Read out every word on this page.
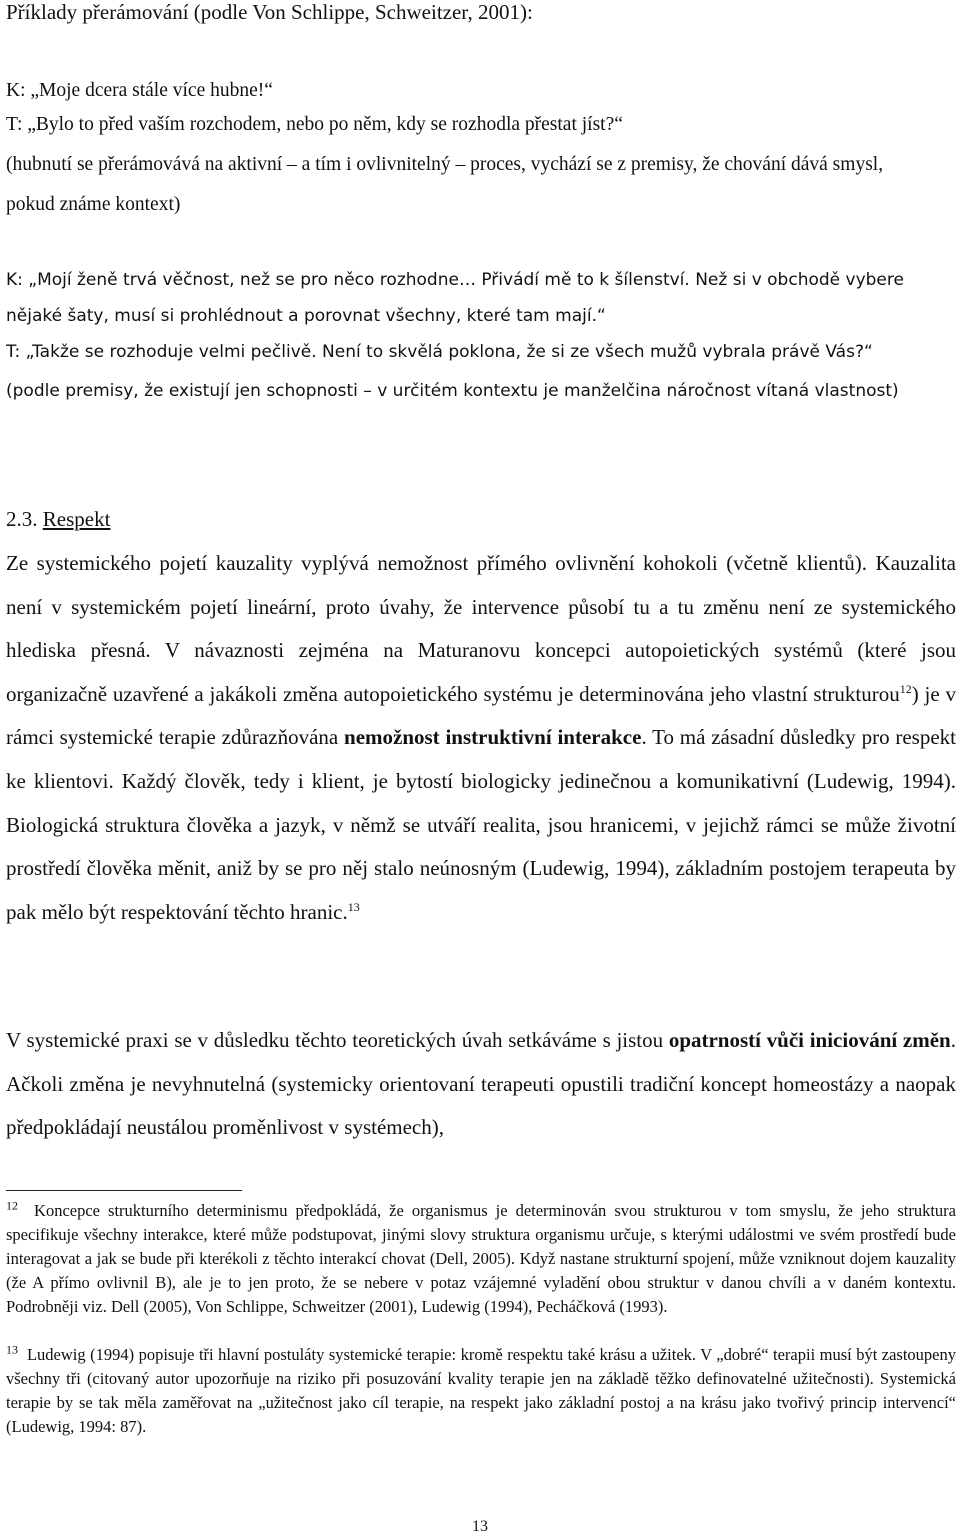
Příklady přerámování (podle Von Schlippe, Schweitzer, 2001):
K: „Moje dcera stále více hubne!“
T: „Bylo to před vaším rozchodem, nebo po něm, kdy se rozhodla přestat jíst?“
(hubnutí se přerámovává na aktivní – a tím i ovlivnitelný – proces, vychází se z premisy, že chování dává smysl,
pokud známe kontext)
K: „Mojí ženě trvá věčnost, než se pro něco rozhodne… Přivádí mě to k šílenství. Než si v obchodě vybere
nějaké šaty, musí si prohlédnout a porovnat všechny, které tam mají.“
T: „Takže se rozhoduje velmi pečlivě. Není to skvělá poklona, že si ze všech mužů vybrala právě Vás?“
(podle premisy, že existují jen schopnosti – v určitém kontextu je manželčina náročnost vítaná vlastnost)
2.3. Respekt
Ze systemického pojetí kauzality vyplývá nemožnost přímého ovlivnění kohokoli (včetně klientů). Kauzalita není v systemickém pojetí lineární, proto úvahy, že intervence působí tu a tu změnu není ze systemického hlediska přesná. V návaznosti zejména na Maturanovu koncepci autopoietických systémů (které jsou organizačně uzavřené a jakákoli změna autopoietického systému je determinována jeho vlastní strukturou$^{12}$) je v rámci systemické terapie zdůrazňována nemožnost instruktivní interakce. To má zásadní důsledky pro respekt ke klientovi. Každý člověk, tedy i klient, je bytostí biologicky jedinečnou a komunikativní (Ludewig, 1994). Biologická struktura člověka a jazyk, v němž se utváří realita, jsou hranicemi, v jejichž rámci se může životní prostředí člověka měnit, aniž by se pro něj stalo neúnosným (Ludewig, 1994), základním postojem terapeuta by pak mělo být respektování těchto hranic.$^{13}$
V systemické praxi se v důsledku těchto teoretických úvah setkáváme s jistou opatrností vůči iniciování změn. Ačkoli změna je nevyhnutelná (systemicky orientovaní terapeuti opustili tradiční koncept homeostázy a naopak předpokládají neustálou proměnlivost v systémech),
$^{12}$ Koncepce strukturního determinismu předpokládá, že organismus je determinován svou strukturou v tom smyslu, že jeho struktura specifikuje všechny interakce, které může podstupovat, jinými slovy struktura organismu určuje, s kterými událostmi ve svém prostředí bude interagovat a jak se bude při kterékoli z těchto interakcí chovat (Dell, 2005). Když nastane strukturní spojení, může vzniknout dojem kauzality (že A přímo ovlivnil B), ale je to jen proto, že se nebere v potaz vzájemné vyladění obou struktur v danou chvíli a v daném kontextu. Podrobněji viz. Dell (2005), Von Schlippe, Schweitzer (2001), Ludewig (1994), Pecháčková (1993).
$^{13}$ Ludewig (1994) popisuje tři hlavní postuláty systemické terapie: kromě respektu také krásu a užitek. V „dobré“ terapii musí být zastoupeny všechny tři (citovaný autor upozorňuje na riziko při posuzování kvality terapie jen na základě těžko definovatelné užitečnosti). Systemická terapie by se tak měla zaměřovat na „užitečnost jako cíl terapie, na respekt jako základní postoj a na krásu jako tvořivý princip intervencí“ (Ludewig, 1994: 87).
13
